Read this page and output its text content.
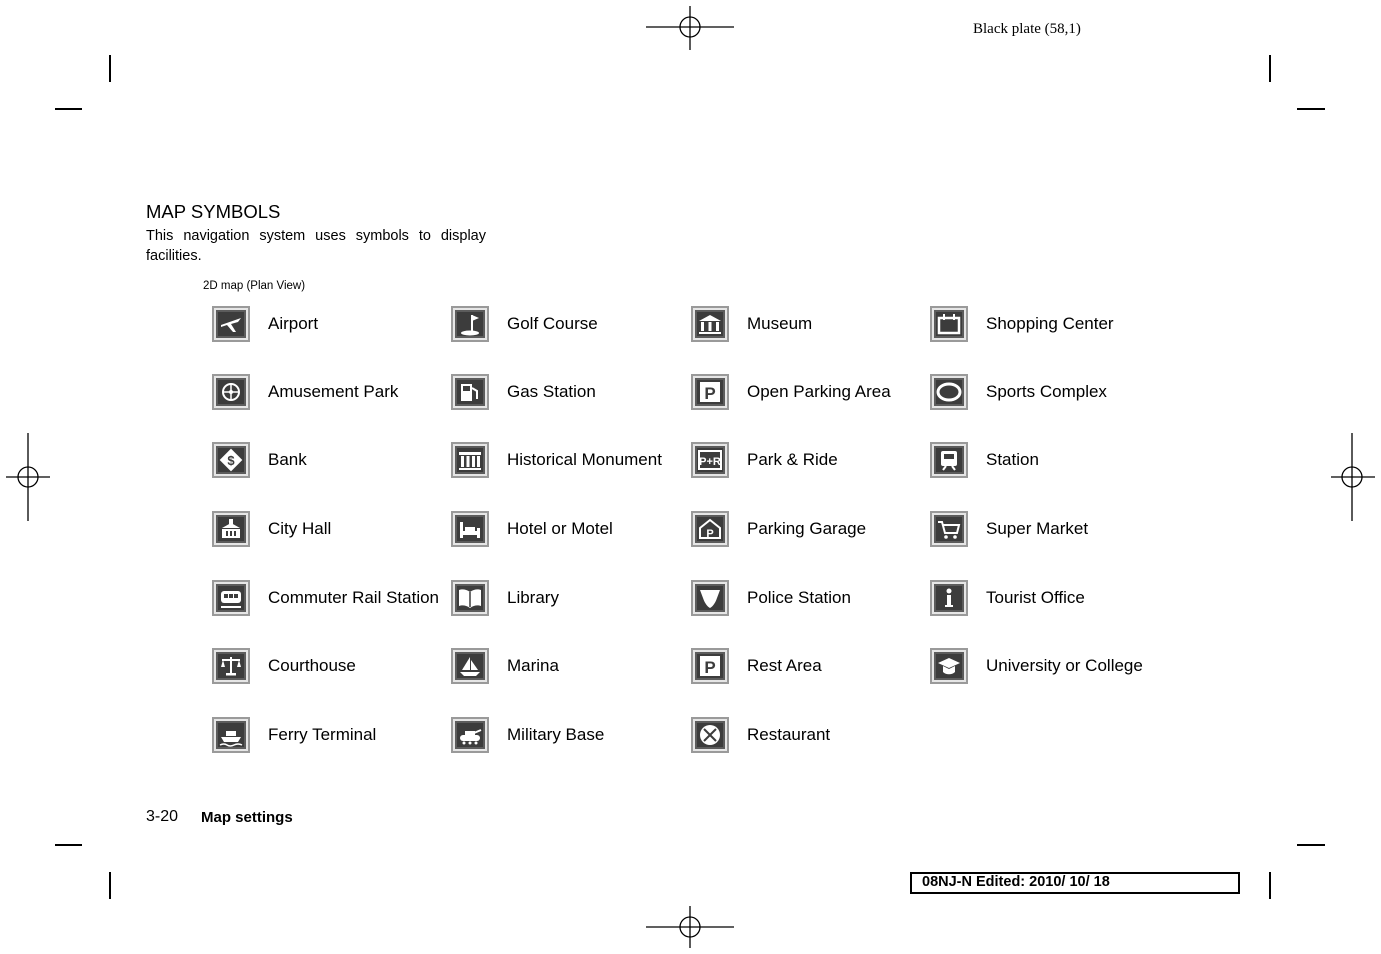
Black plate (58,1)
MAP SYMBOLS
This navigation system uses symbols to display facilities.
2D map (Plan View)
Airport	Golf Course	Museum	Shopping Center
Amusement Park	Gas Station	P Open Parking Area	Sports Complex
$ Bank	Historical Monument	P+R Park & Ride	Station
City Hall	Hotel or Motel	P Parking Garage	Super Market
Commuter Rail Station	Library	Police Station	Tourist Office
Courthouse	Marina	P Rest Area	University or College
Ferry Terminal	Military Base	Restaurant
3-20 Map settings
08NJ-N Edited: 2010/ 10/ 18
